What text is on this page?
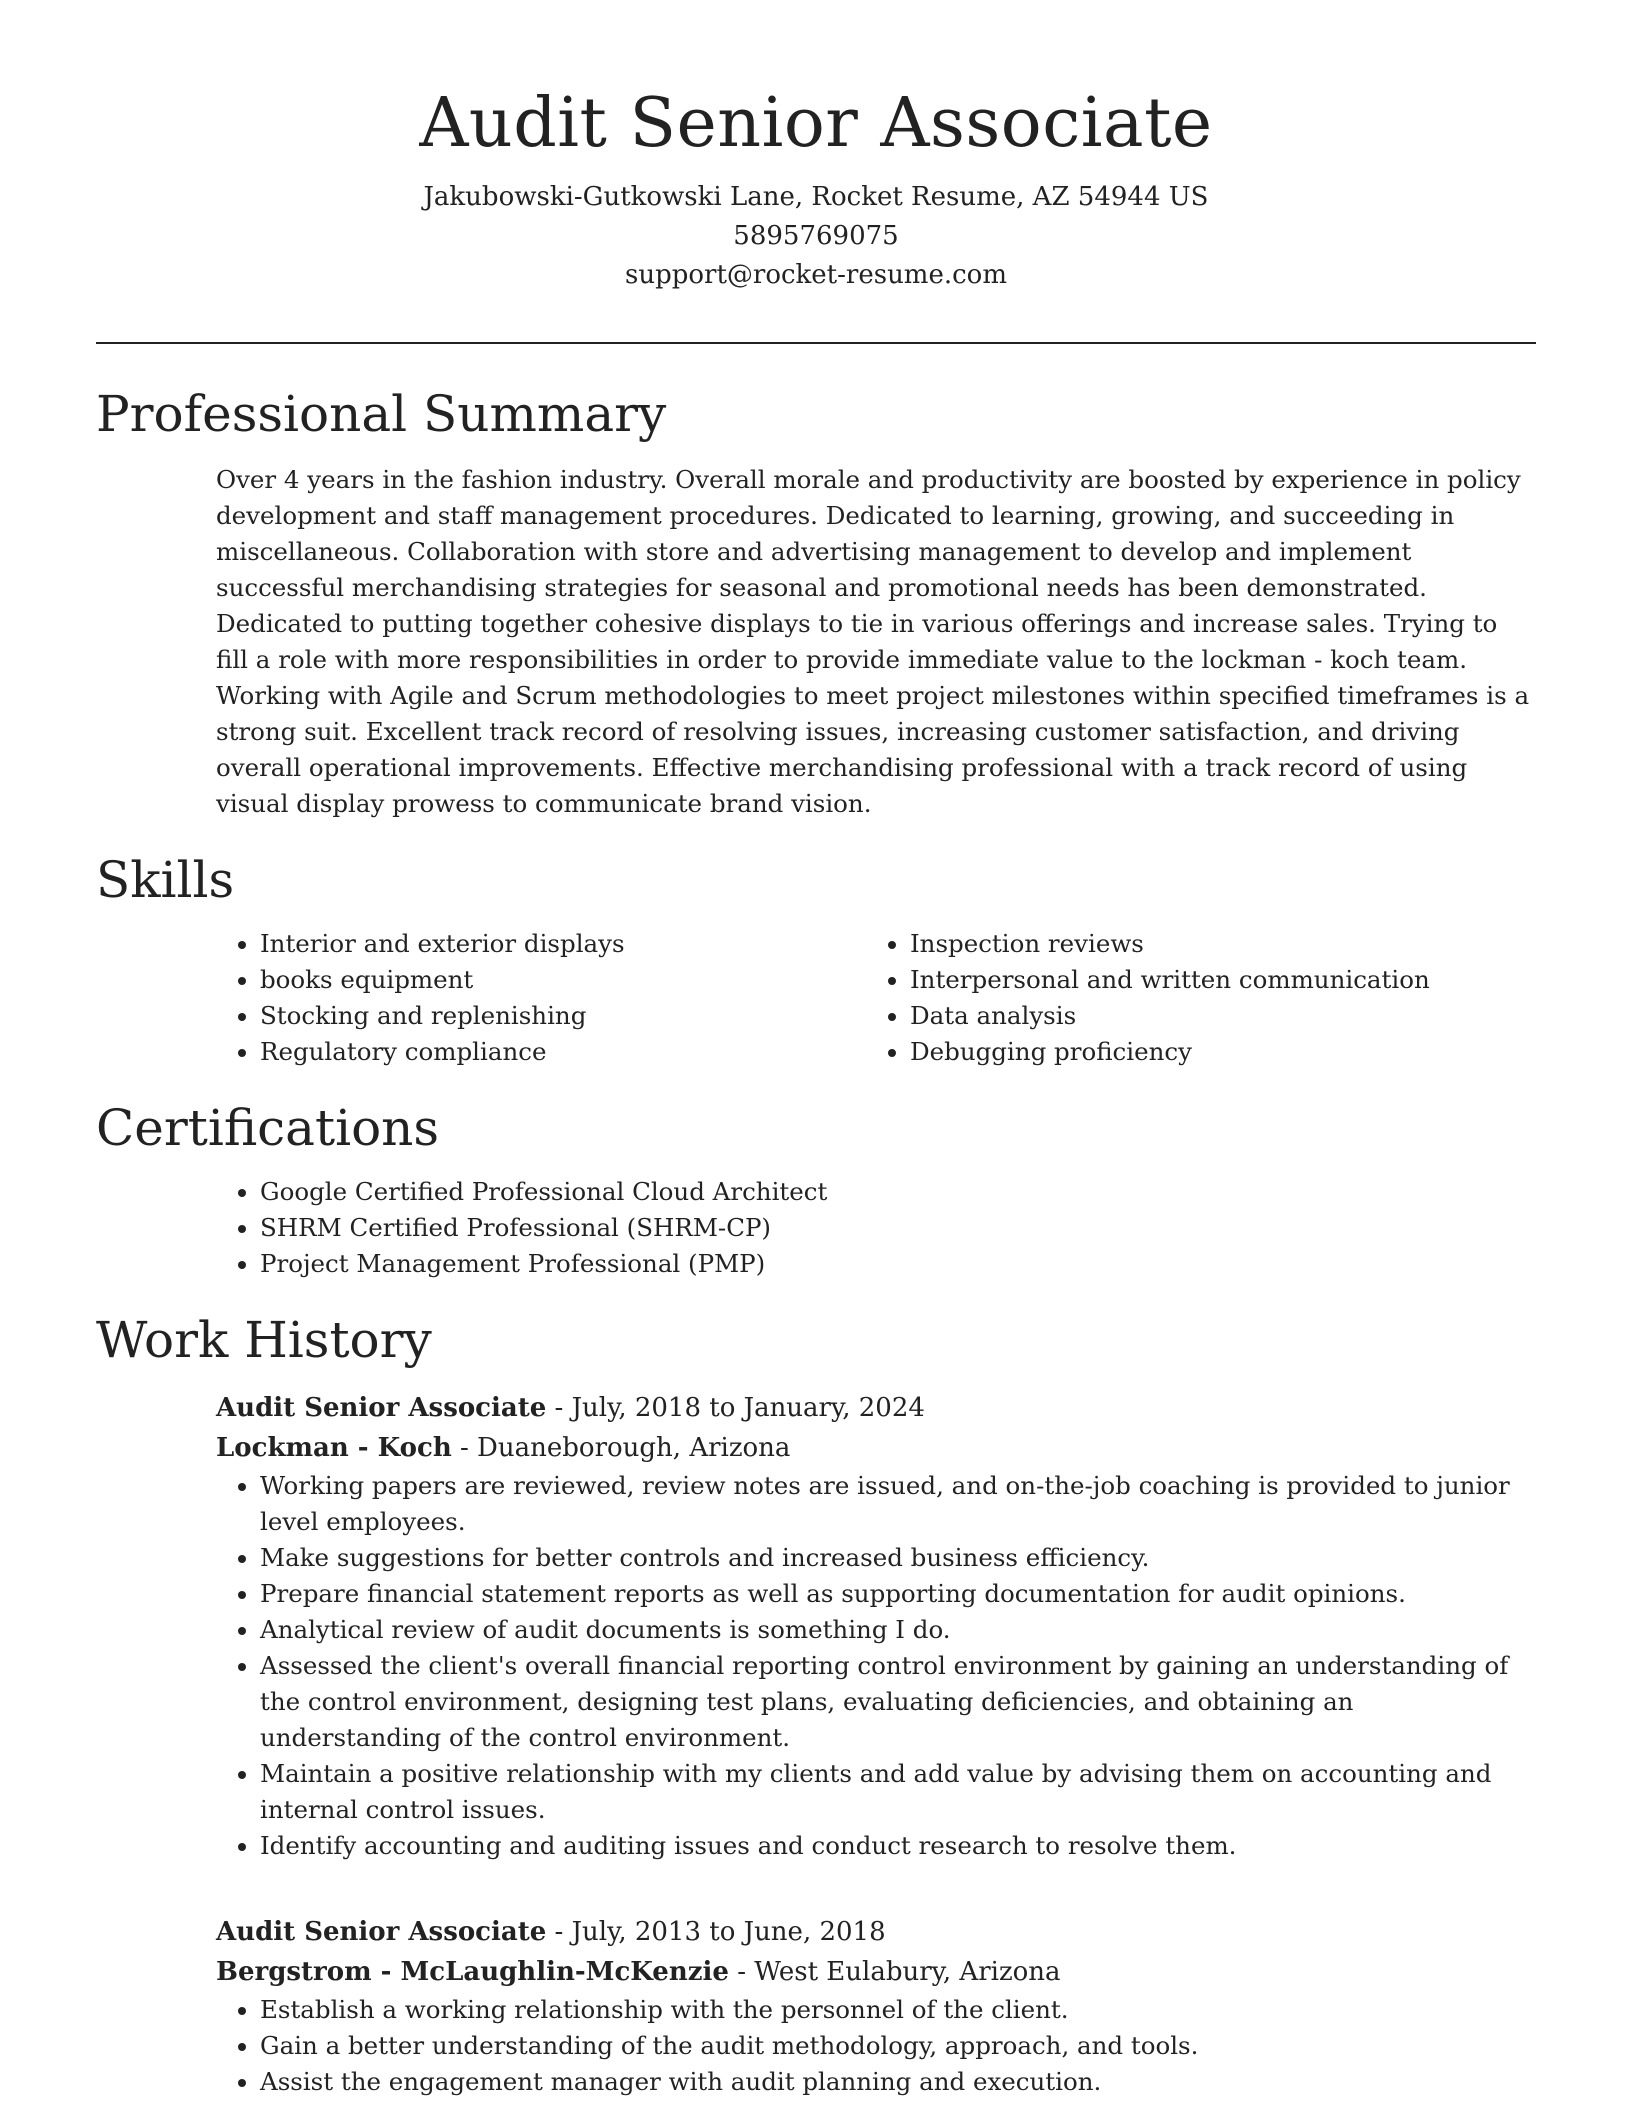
Audit Senior Associate
Jakubowski-Gutkowski Lane, Rocket Resume, AZ 54944 US
5895769075
support@rocket-resume.com
Professional Summary
Over 4 years in the fashion industry. Overall morale and productivity are boosted by experience in policy development and staff management procedures. Dedicated to learning, growing, and succeeding in miscellaneous. Collaboration with store and advertising management to develop and implement successful merchandising strategies for seasonal and promotional needs has been demonstrated. Dedicated to putting together cohesive displays to tie in various offerings and increase sales. Trying to fill a role with more responsibilities in order to provide immediate value to the lockman - koch team. Working with Agile and Scrum methodologies to meet project milestones within specified timeframes is a strong suit. Excellent track record of resolving issues, increasing customer satisfaction, and driving overall operational improvements. Effective merchandising professional with a track record of using visual display prowess to communicate brand vision.
Skills
• Interior and exterior displays
• books equipment
• Stocking and replenishing
• Regulatory compliance
• Inspection reviews
• Interpersonal and written communication
• Data analysis
• Debugging proficiency
Certifications
• Google Certified Professional Cloud Architect
• SHRM Certified Professional (SHRM-CP)
• Project Management Professional (PMP)
Work History
Audit Senior Associate - July, 2018 to January, 2024
Lockman - Koch - Duaneborough, Arizona
• Working papers are reviewed, review notes are issued, and on-the-job coaching is provided to junior level employees.
• Make suggestions for better controls and increased business efficiency.
• Prepare financial statement reports as well as supporting documentation for audit opinions.
• Analytical review of audit documents is something I do.
• Assessed the client's overall financial reporting control environment by gaining an understanding of the control environment, designing test plans, evaluating deficiencies, and obtaining an understanding of the control environment.
• Maintain a positive relationship with my clients and add value by advising them on accounting and internal control issues.
• Identify accounting and auditing issues and conduct research to resolve them.
Audit Senior Associate - July, 2013 to June, 2018
Bergstrom - McLaughlin-McKenzie - West Eulabury, Arizona
• Establish a working relationship with the personnel of the client.
• Gain a better understanding of the audit methodology, approach, and tools.
• Assist the engagement manager with audit planning and execution.
